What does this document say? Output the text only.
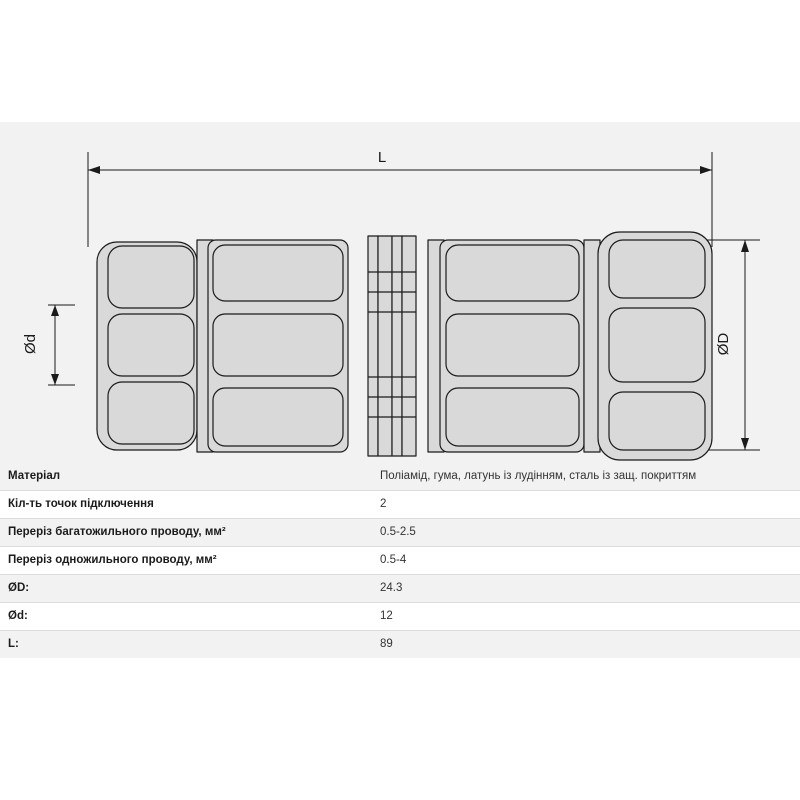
L
Ød	ØD
Матеріал	Поліамід, гума, латунь із лудінням, сталь із защ. покриттям
Кіл-ть точок підключення	2
Переріз багатожильного проводу, мм²	0.5-2.5
Переріз одножильного проводу, мм²	0.5-4
ØD:	24.3
Ød:	12
L:	89
